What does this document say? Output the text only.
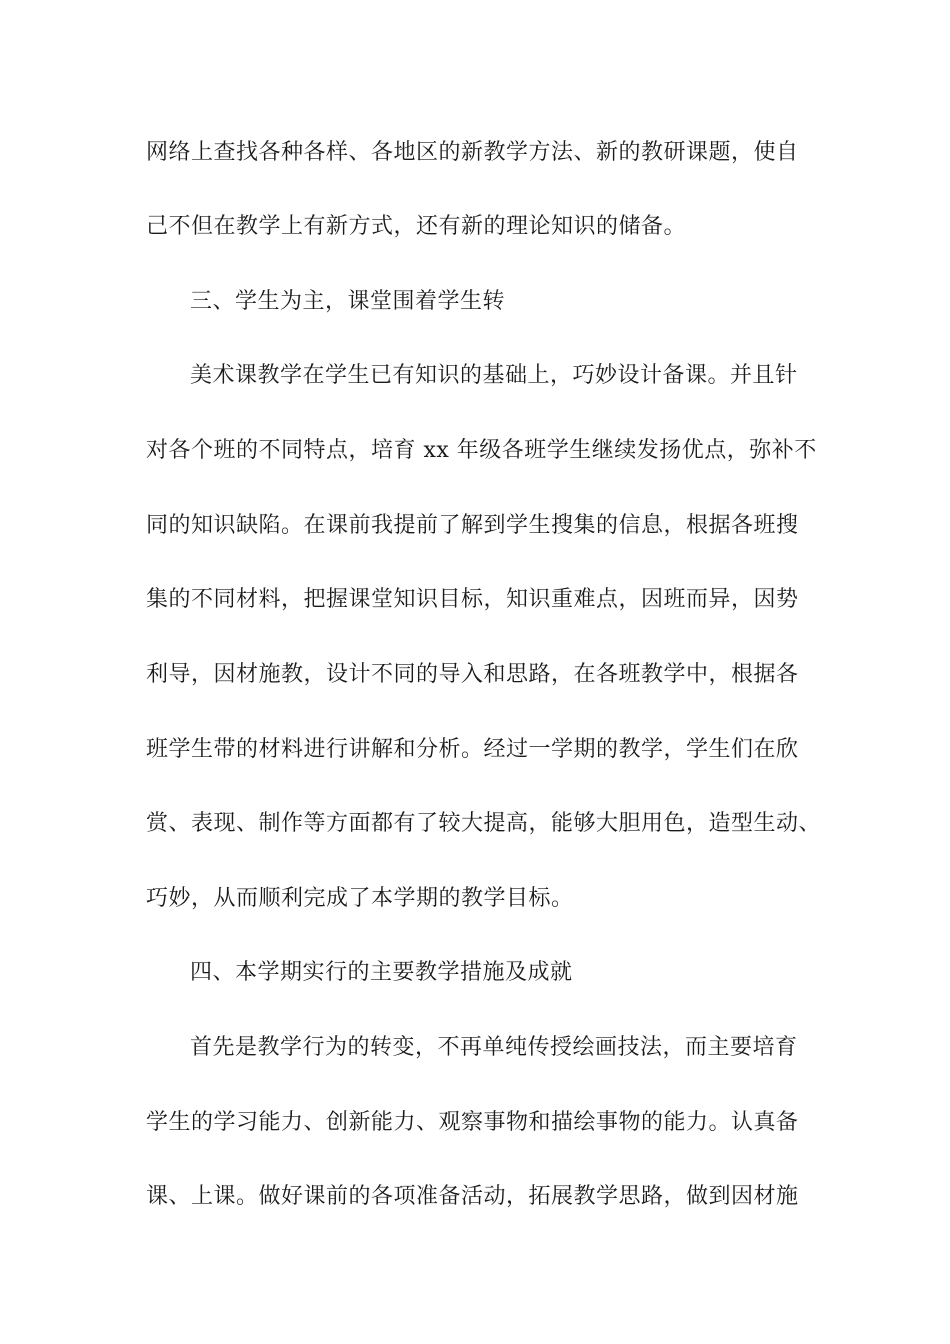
网络上查找各种各样、各地区的新教学方法、新的教研课题，使自
己不但在教学上有新方式，还有新的理论知识的储备。
三、学生为主，课堂围着学生转
美术课教学在学生已有知识的基础上，巧妙设计备课。并且针
对各个班的不同特点，培育 xx 年级各班学生继续发扬优点，弥补不
同的知识缺陷。在课前我提前了解到学生搜集的信息，根据各班搜
集的不同材料，把握课堂知识目标，知识重难点，因班而异，因势
利导，因材施教，设计不同的导入和思路，在各班教学中，根据各
班学生带的材料进行讲解和分析。经过一学期的教学，学生们在欣
赏、表现、制作等方面都有了较大提高，能够大胆用色，造型生动、
巧妙，从而顺利完成了本学期的教学目标。
四、本学期实行的主要教学措施及成就
首先是教学行为的转变，不再单纯传授绘画技法，而主要培育
学生的学习能力、创新能力、观察事物和描绘事物的能力。认真备
课、上课。做好课前的各项准备活动，拓展教学思路，做到因材施
